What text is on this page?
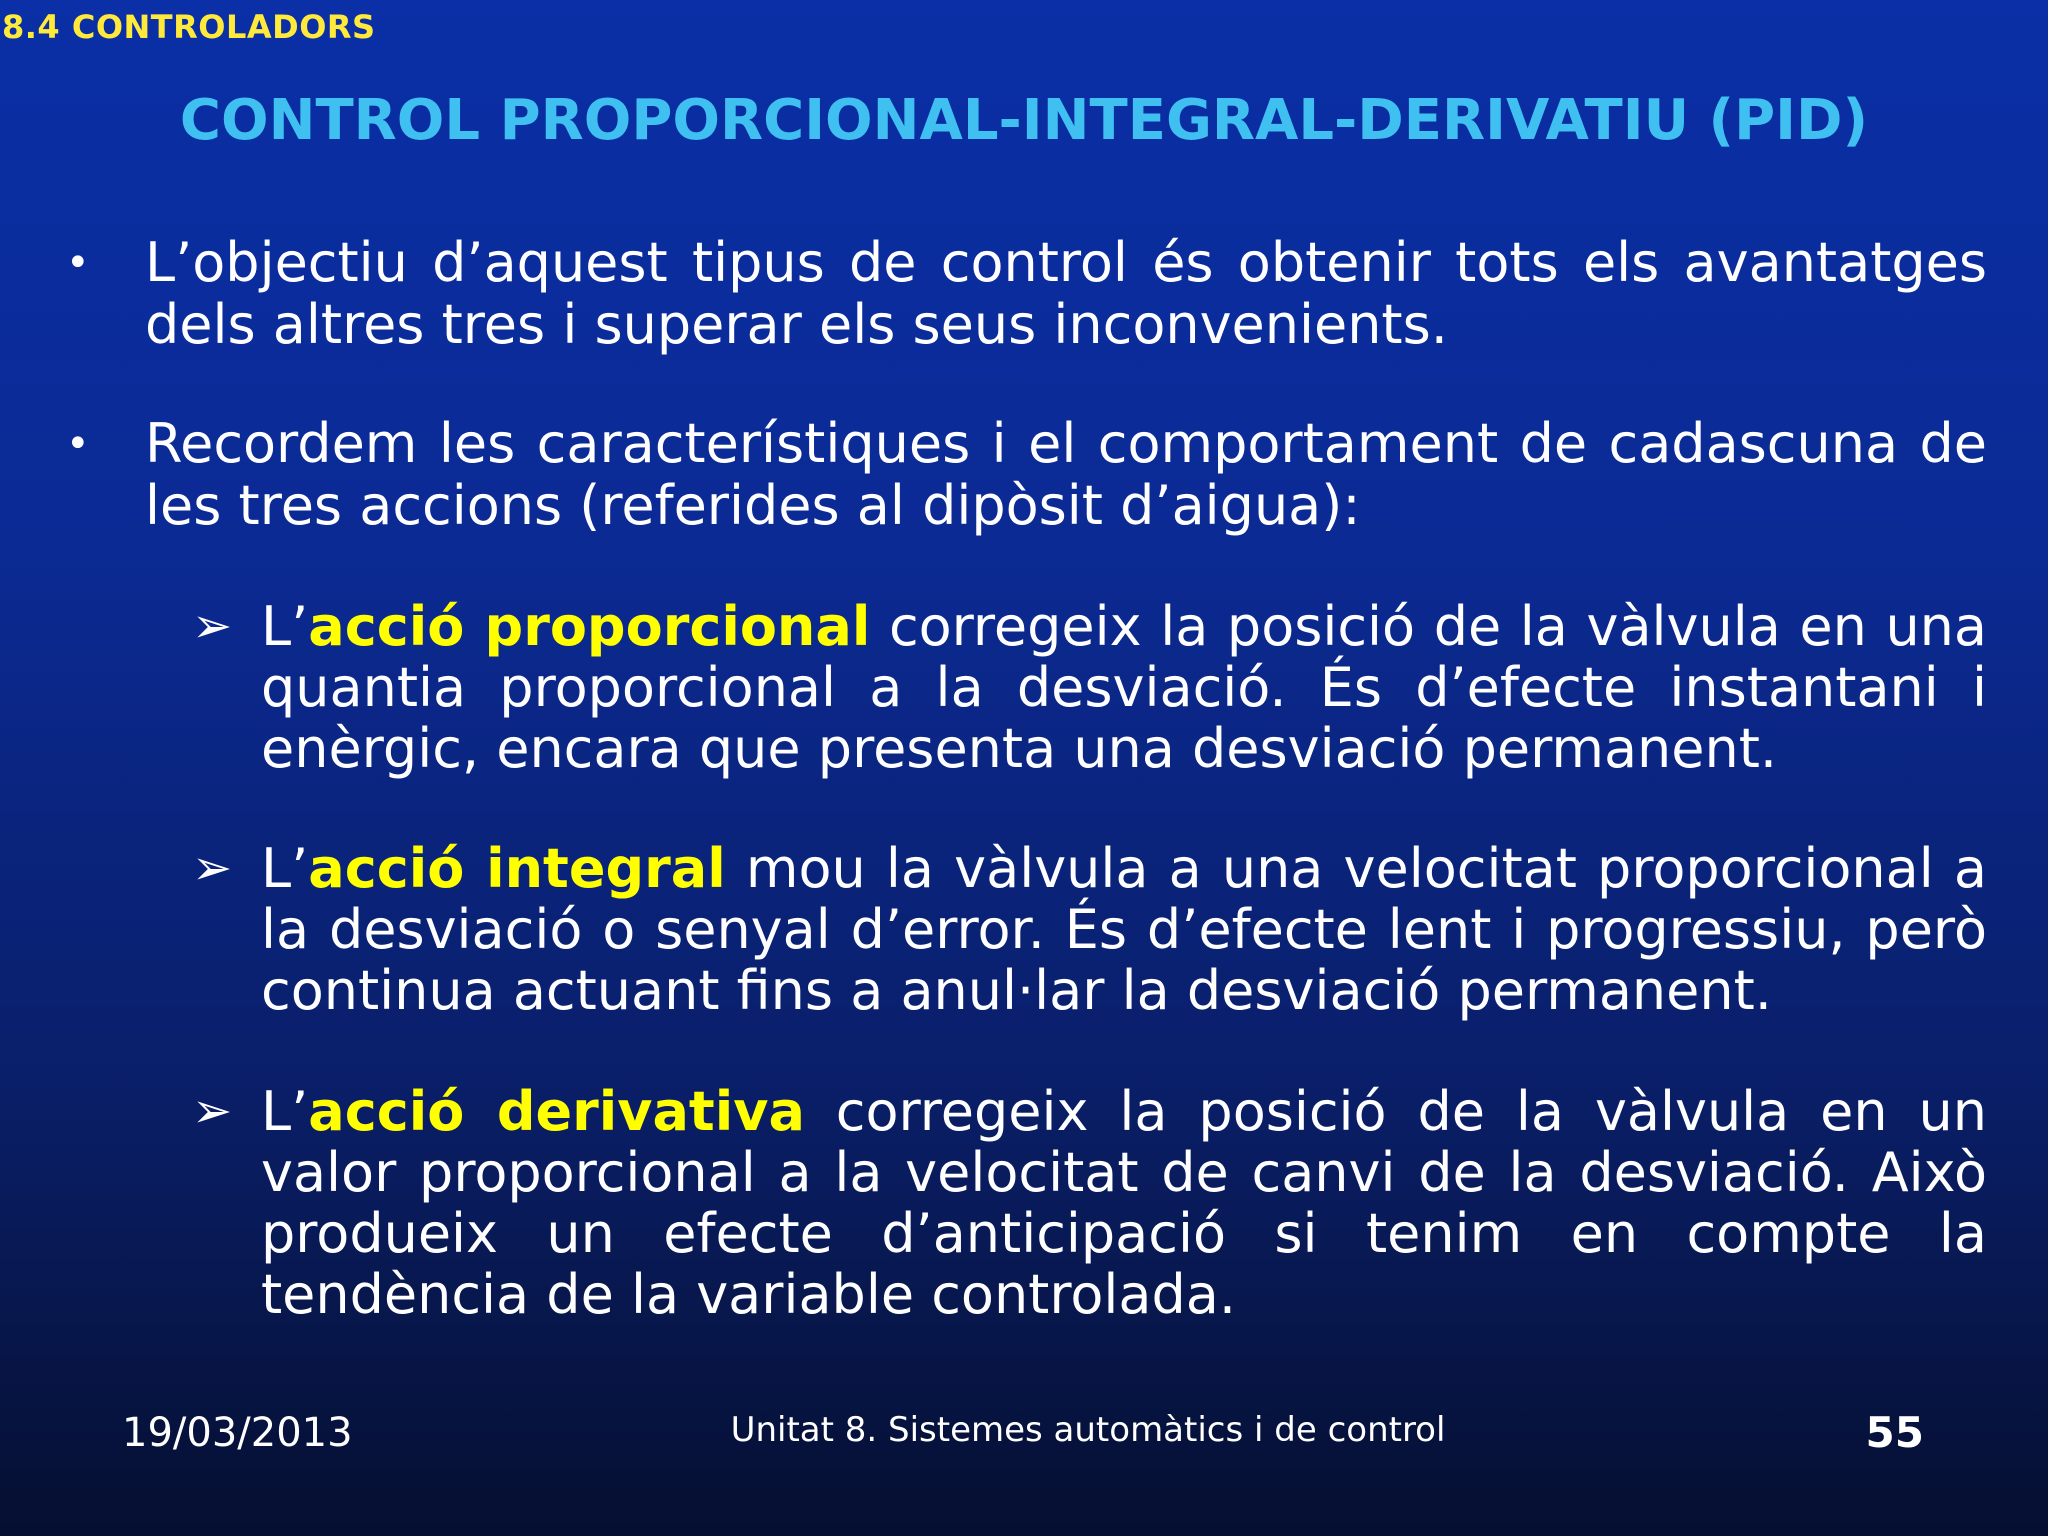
8.4 CONTROLADORS
CONTROL PROPORCIONAL-INTEGRAL-DERIVATIU (PID)
• L’objectiu d’aquest tipus de control és obtenir tots els avantatges dels altres tres i superar els seus inconvenients.
• Recordem les característiques i el comportament de cadascuna de les tres accions (referides al dipòsit d’aigua):
➢ L’acció proporcional corregeix la posició de la vàlvula en una quantia proporcional a la desviació. És d’efecte instantani i enèrgic, encara que presenta una desviació permanent.
➢ L’acció integral mou la vàlvula a una velocitat proporcional a la desviació o senyal d’error. És d’efecte lent i progressiu, però continua actuant fins a anul·lar la desviació permanent.
➢ L’acció derivativa corregeix la posició de la vàlvula en un valor proporcional a la velocitat de canvi de la desviació. Això produeix un efecte d’anticipació si tenim en compte la tendència de la variable controlada.
19/03/2013	Unitat 8. Sistemes automàtics i de control	55
